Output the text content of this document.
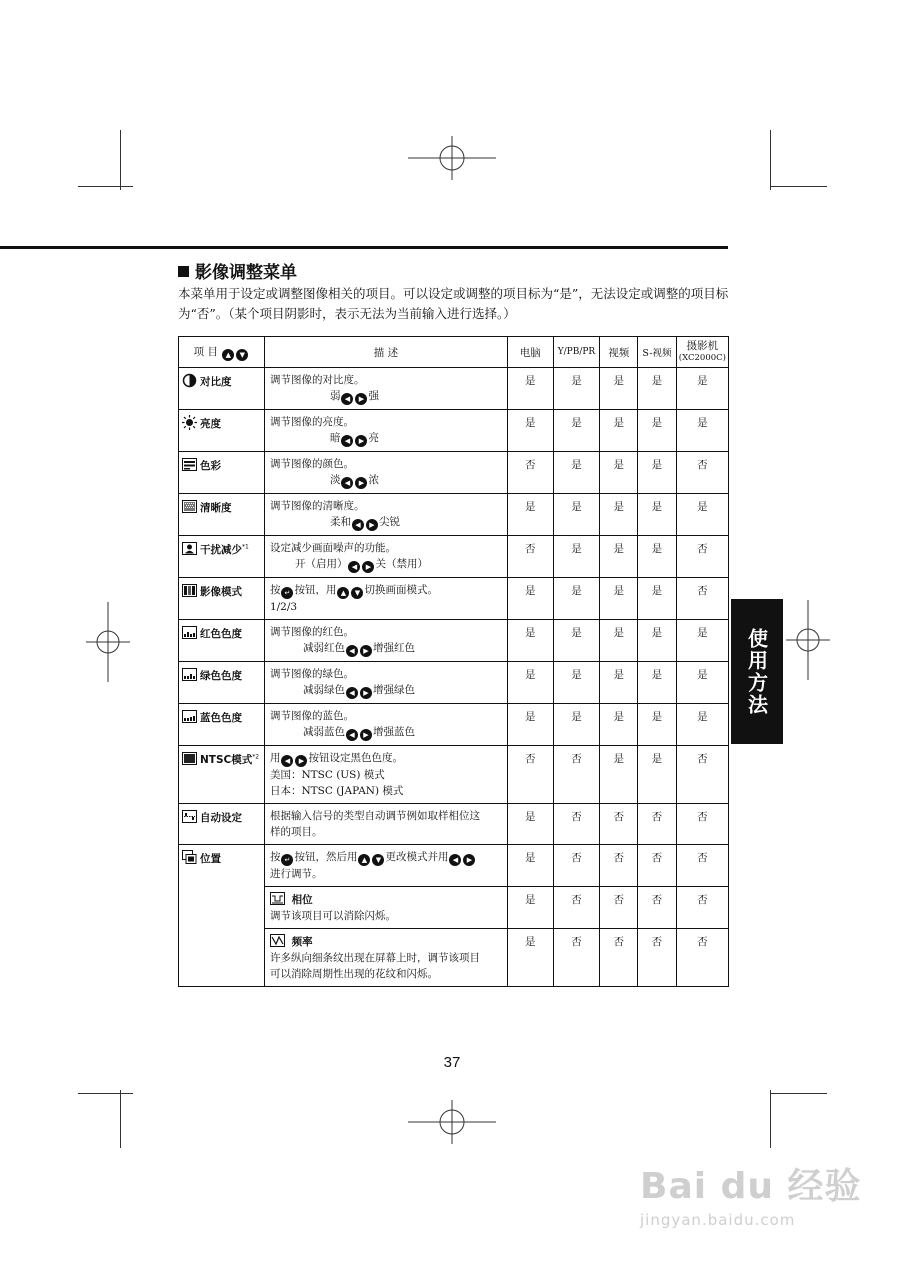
影像调整菜单
本菜单用于设定或调整图像相关的项目。可以设定或调整的项目标为“是”，无法设定或调整的项目标为“否”。（某个项目阴影时，表示无法为当前输入进行选择。）
项 目 ▲ ▼	描 述	电脑	Y/PB/PR	视频	S-视频	摄影机
(XC2000C)

对比度	调节图像的对比度。
弱 ◀ ▶ 强	是	是	是	是	是

亮度	调节图像的亮度。
暗 ◀ ▶ 亮	是	是	是	是	是

色彩	调节图像的颜色。
淡 ◀ ▶ 浓	否	是	是	是	否

清晰度	调节图像的清晰度。
柔和 ◀ ▶ 尖锐	是	是	是	是	是

干扰减少$^{*1}$	设定减少画面噪声的功能。
开（启用） ◀ ▶ 关（禁用）	否	是	是	是	否

影像模式	按 ↵ 按钮，用 ▲ ▼ 切换画面模式。
1/2/3	是	是	是	是	否

红色色度	调节图像的红色。
减弱红色 ◀ ▶ 增强红色	是	是	是	是	是

绿色色度	调节图像的绿色。
减弱绿色 ◀ ▶ 增强绿色	是	是	是	是	是

蓝色色度	调节图像的蓝色。
减弱蓝色 ◀ ▶ 增强蓝色	是	是	是	是	是

NTSC模式$^{*2}$	用 ◀ ▶ 按钮设定黑色色度。
美国：NTSC (US) 模式
日本：NTSC (JAPAN) 模式	否	否	是	是	否

自动设定	根据输入信号的类型自动调节例如取样相位这
样的项目。	是	否	否	否	否

位置	按 ↵ 按钮，然后用 ▲ ▼ 更改模式并用 ◀ ▶
进行调节。	是	否	否	否	否

相位
调节该项目可以消除闪烁。	是	否	否	否	否

频率
许多纵向细条纹出现在屏幕上时，调节该项目
可以消除周期性出现的花纹和闪烁。	是	否	否	否	否
使用方法
37
Bai du 经验
jingyan.baidu.com
